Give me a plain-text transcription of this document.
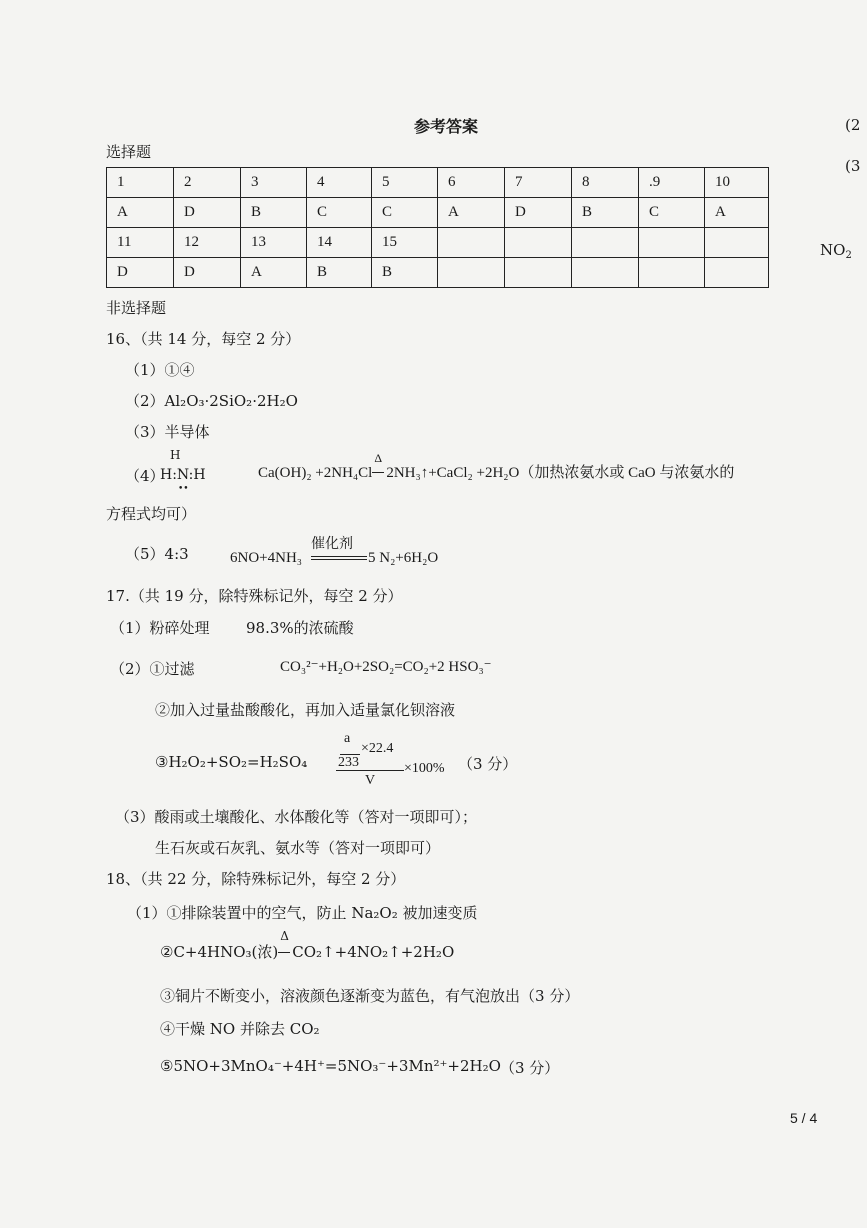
参考答案	(2
(3
$NO_2$
选择题
1	2	3	4	5	6	7	8	.9	10
A	D	B	C	C	A	D	B	C	A
11	12	13	14	15					
D	D	A	B	B					
非选择题
16、（共 14 分，每空 2 分）
（1）①④
（2）Al₂O₃·2SiO₂·2H₂O
（3）半导体
（4）
H
H:N:H
••
Ca(OH)₂ +2NH₄Cl
Δ
2NH₃↑+CaCl₂ +2H₂O（加热浓氨水或 CaO 与浓氨水的
方程式均可）
（5）4:3	6NO+4NH₃
催化剂
5 N₂+6H₂O
17.（共 19 分，除特殊标记外，每空 2 分）
（1）粉碎处理 98.3%的浓硫酸
（2）①过滤	CO₃²⁻+H₂O+2SO₂=CO₂+2 HSO₃⁻
②加入过量盐酸酸化，再加入适量氯化钡溶液
③H₂O₂+SO₂=H₂SO₄
a
×22.4
233	×100%
V
（3 分）
（3）酸雨或土壤酸化、水体酸化等（答对一项即可）；
生石灰或石灰乳、氨水等（答对一项即可）
18、（共 22 分，除特殊标记外，每空 2 分）
（1）①排除装置中的空气，防止 Na₂O₂ 被加速变质
②C+4HNO₃(浓)
Δ
CO₂↑+4NO₂↑+2H₂O
③铜片不断变小，溶液颜色逐渐变为蓝色，有气泡放出（3 分）
④干燥 NO 并除去 CO₂
⑤5NO+3MnO₄⁻+4H⁺=5NO₃⁻+3Mn²⁺+2H₂O （3 分）
5 / 4
